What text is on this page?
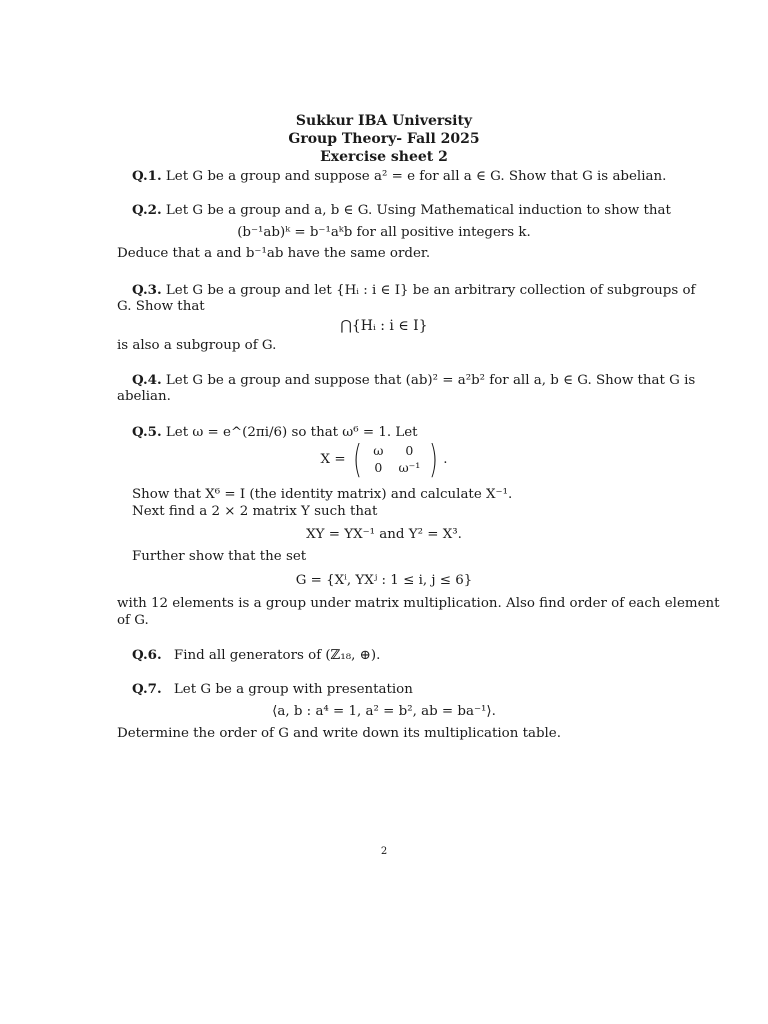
Sukkur IBA University
Group Theory- Fall 2025
Exercise sheet 2
Q.1. Let G be a group and suppose a² = e for all a ∈ G. Show that G is abelian.
Q.2. Let G be a group and a, b ∈ G. Using Mathematical induction to show that
(b⁻¹ab)ᵏ = b⁻¹aᵏb for all positive integers k.
Deduce that a and b⁻¹ab have the same order.
Q.3. Let G be a group and let {Hᵢ : i ∈ I} be an arbitrary collection of subgroups of
G. Show that
⋂{Hᵢ : i ∈ I}
is also a subgroup of G.
Q.4. Let G be a group and suppose that (ab)² = a²b² for all a, b ∈ G. Show that G is
abelian.
Q.5. Let ω = e^(2πi/6) so that ω⁶ = 1. Let
X = ( ω	0
0	ω⁻¹ ) .
Show that X⁶ = I (the identity matrix) and calculate X⁻¹.
Next find a 2 × 2 matrix Y such that
XY = YX⁻¹ and Y² = X³.
Further show that the set
G = {Xⁱ, YXʲ : 1 ≤ i, j ≤ 6}
with 12 elements is a group under matrix multiplication. Also find order of each element
of G.
Q.6. Find all generators of (ℤ₁₈, ⊕).
Q.7. Let G be a group with presentation
⟨a, b : a⁴ = 1, a² = b², ab = ba⁻¹⟩.
Determine the order of G and write down its multiplication table.
2
